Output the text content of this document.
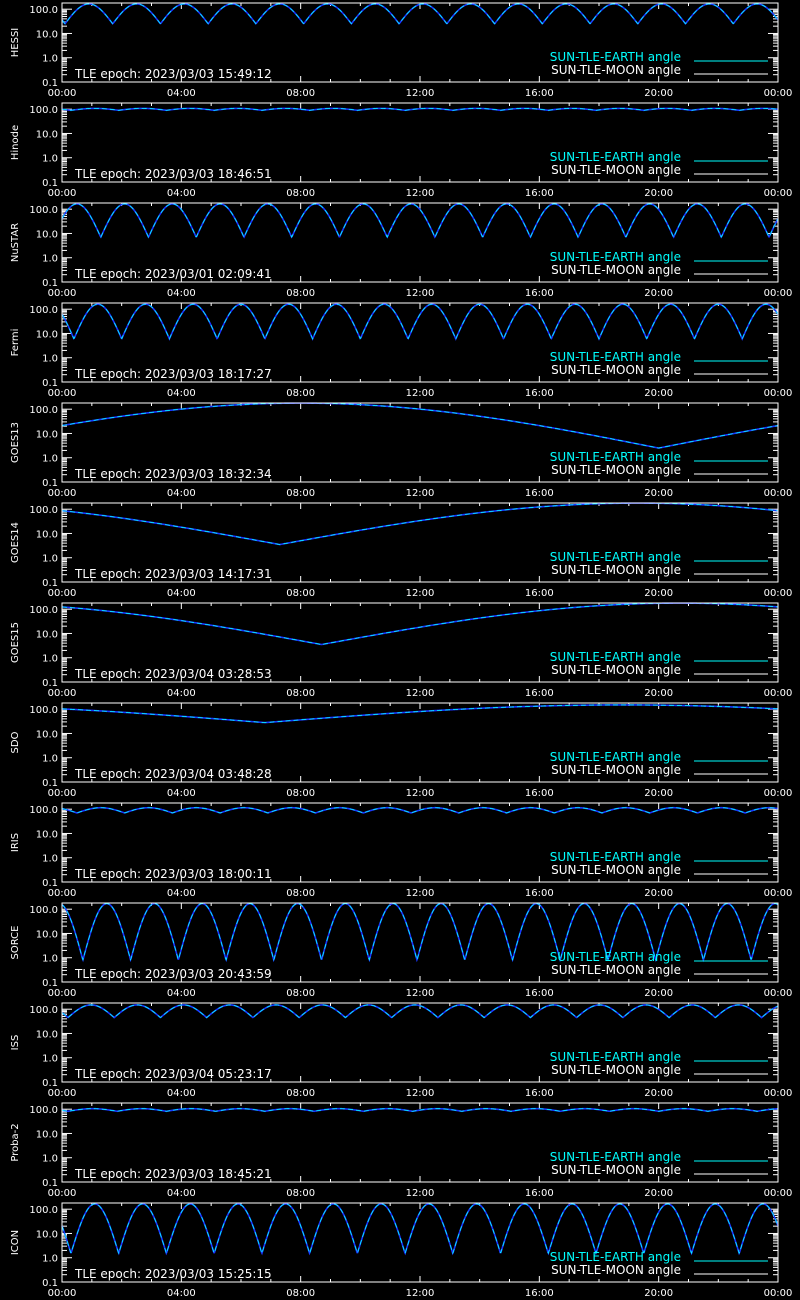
HESSI
100.0
10.0
1.0
0.1
00:00	04:00	08:00	12:00	16:00	20:00	00:00
TLE epoch: 2023/03/03 15:49:12
SUN-TLE-EARTH angle
SUN-TLE-MOON angle
Hinode
100.0
10.0
1.0
0.1
00:00	04:00	08:00	12:00	16:00	20:00	00:00
TLE epoch: 2023/03/03 18:46:51
SUN-TLE-EARTH angle
SUN-TLE-MOON angle
NuSTAR
100.0
10.0
1.0
0.1
00:00	04:00	08:00	12:00	16:00	20:00	00:00
TLE epoch: 2023/03/01 02:09:41
SUN-TLE-EARTH angle
SUN-TLE-MOON angle
Fermi
100.0
10.0
1.0
0.1
00:00	04:00	08:00	12:00	16:00	20:00	00:00
TLE epoch: 2023/03/03 18:17:27
SUN-TLE-EARTH angle
SUN-TLE-MOON angle
GOES13
100.0
10.0
1.0
0.1
00:00	04:00	08:00	12:00	16:00	20:00	00:00
TLE epoch: 2023/03/03 18:32:34
SUN-TLE-EARTH angle
SUN-TLE-MOON angle
GOES14
100.0
10.0
1.0
0.1
00:00	04:00	08:00	12:00	16:00	20:00	00:00
TLE epoch: 2023/03/03 14:17:31
SUN-TLE-EARTH angle
SUN-TLE-MOON angle
GOES15
100.0
10.0
1.0
0.1
00:00	04:00	08:00	12:00	16:00	20:00	00:00
TLE epoch: 2023/03/04 03:28:53
SUN-TLE-EARTH angle
SUN-TLE-MOON angle
SDO
100.0
10.0
1.0
0.1
00:00	04:00	08:00	12:00	16:00	20:00	00:00
TLE epoch: 2023/03/04 03:48:28
SUN-TLE-EARTH angle
SUN-TLE-MOON angle
IRIS
100.0
10.0
1.0
0.1
00:00	04:00	08:00	12:00	16:00	20:00	00:00
TLE epoch: 2023/03/03 18:00:11
SUN-TLE-EARTH angle
SUN-TLE-MOON angle
SORCE
100.0
10.0
1.0
0.1
00:00	04:00	08:00	12:00	16:00	20:00	00:00
TLE epoch: 2023/03/03 20:43:59
SUN-TLE-EARTH angle
SUN-TLE-MOON angle
ISS
100.0
10.0
1.0
0.1
00:00	04:00	08:00	12:00	16:00	20:00	00:00
TLE epoch: 2023/03/04 05:23:17
SUN-TLE-EARTH angle
SUN-TLE-MOON angle
Proba-2
100.0
10.0
1.0
0.1
00:00	04:00	08:00	12:00	16:00	20:00	00:00
TLE epoch: 2023/03/03 18:45:21
SUN-TLE-EARTH angle
SUN-TLE-MOON angle
ICON
100.0
10.0
1.0
0.1
00:00	04:00	08:00	12:00	16:00	20:00	00:00
TLE epoch: 2023/03/03 15:25:15
SUN-TLE-EARTH angle
SUN-TLE-MOON angle
